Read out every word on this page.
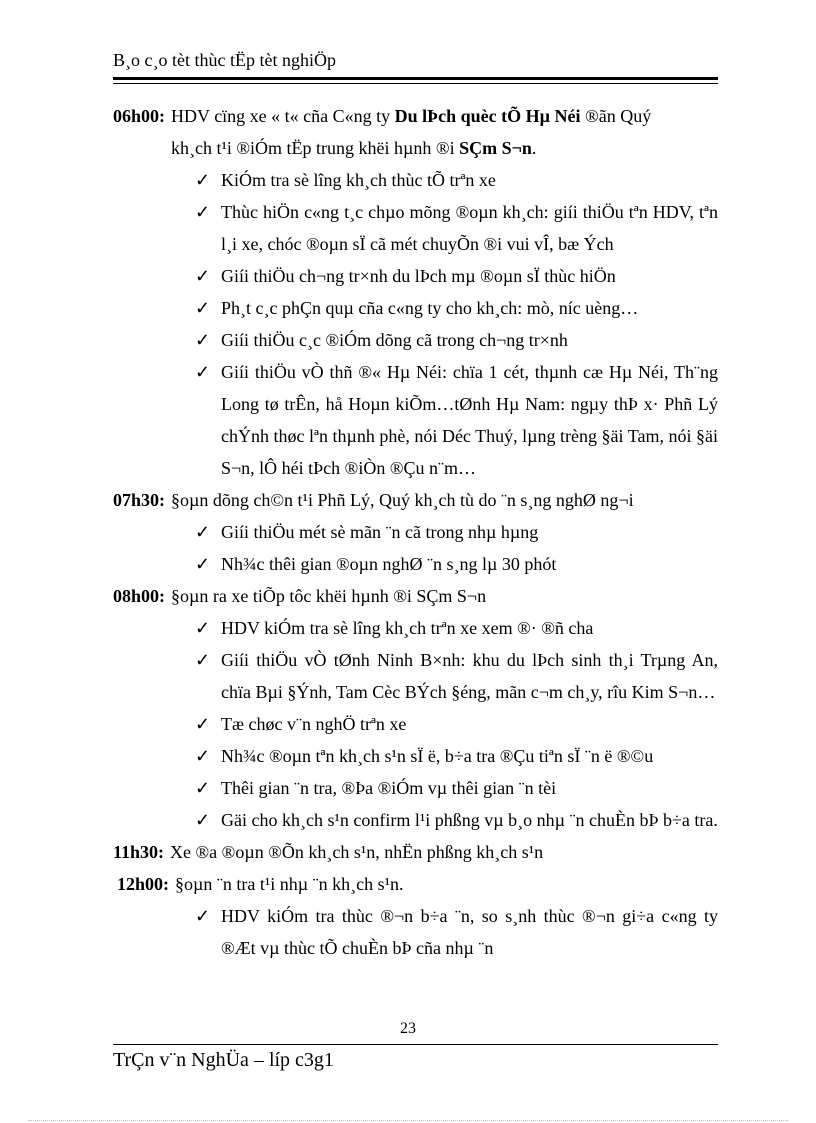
B¸o c¸o tèt thùc tËp tèt nghiÖp
06h00: HDV cïng xe « t« cña C«ng ty Du lÞch quèc tÕ Hµ Néi ®ãn Quý
kh¸ch t¹i ®iÓm tËp trung khëi hµnh ®i SÇm S¬n.
✓ KiÓm tra sè lîng kh¸ch thùc tÕ trªn xe
✓ Thùc hiÖn c«ng t¸c chµo mõng ®oµn kh¸ch: giíi thiÖu tªn HDV, tªn l¸i xe, chóc ®oµn sÏ cã mét chuyÕn ®i vui vÎ, bæ Ých
✓ Giíi thiÖu ch¬ng tr×nh du lÞch mµ ®oµn sÏ thùc hiÖn
✓ Ph¸t c¸c phÇn quµ cña c«ng ty cho kh¸ch: mò, níc uèng…
✓ Giíi thiÖu c¸c ®iÓm dõng cã trong ch¬ng tr×nh
✓ Giíi thiÖu vÒ thñ ®« Hµ Néi: chïa 1 cét, thµnh cæ Hµ Néi, Th¨ng Long tø trÊn, hå Hoµn kiÕm…tØnh Hµ Nam: ngµy thÞ x· Phñ Lý chÝnh thøc lªn thµnh phè, nói Déc Thuý, lµng trèng §äi Tam, nói §äi S¬n, lÔ héi tÞch ®iÒn ®Çu n¨m…
07h30: §oµn dõng ch©n t¹i Phñ Lý, Quý kh¸ch tù do ¨n s¸ng nghØ ng¬i
✓ Giíi thiÖu mét sè mãn ¨n cã trong nhµ hµng
✓ Nh¾c thêi gian ®oµn nghØ ¨n s¸ng lµ 30 phót
08h00: §oµn ra xe tiÕp tôc khëi hµnh ®i SÇm S¬n
✓ HDV kiÓm tra sè lîng kh¸ch trªn xe xem ®· ®ñ cha
✓ Giíi thiÖu vÒ tØnh Ninh B×nh: khu du lÞch sinh th¸i Trµng An, chïa Bµi §Ýnh, Tam Cèc BÝch §éng, mãn c¬m ch¸y, rîu Kim S¬n…
✓ Tæ chøc v¨n nghÖ trªn xe
✓ Nh¾c ®oµn tªn kh¸ch s¹n sÏ ë, b÷a tra ®Çu tiªn sÏ ¨n ë ®©u
✓ Thêi gian ¨n tra, ®Þa ®iÓm vµ thêi gian ¨n tèi
✓ Gäi cho kh¸ch s¹n confirm l¹i phßng vµ b¸o nhµ ¨n chuÈn bÞ b÷a tra.
11h30: Xe ®a ®oµn ®Õn kh¸ch s¹n, nhËn phßng kh¸ch s¹n
12h00: §oµn ¨n tra t¹i nhµ ¨n kh¸ch s¹n.
✓ HDV kiÓm tra thùc ®¬n b÷a ¨n, so s¸nh thùc ®¬n gi÷a c«ng ty ®Æt vµ thùc tÕ chuÈn bÞ cña nhµ ¨n
23
TrÇn v¨n NghÜa – líp c3g1
